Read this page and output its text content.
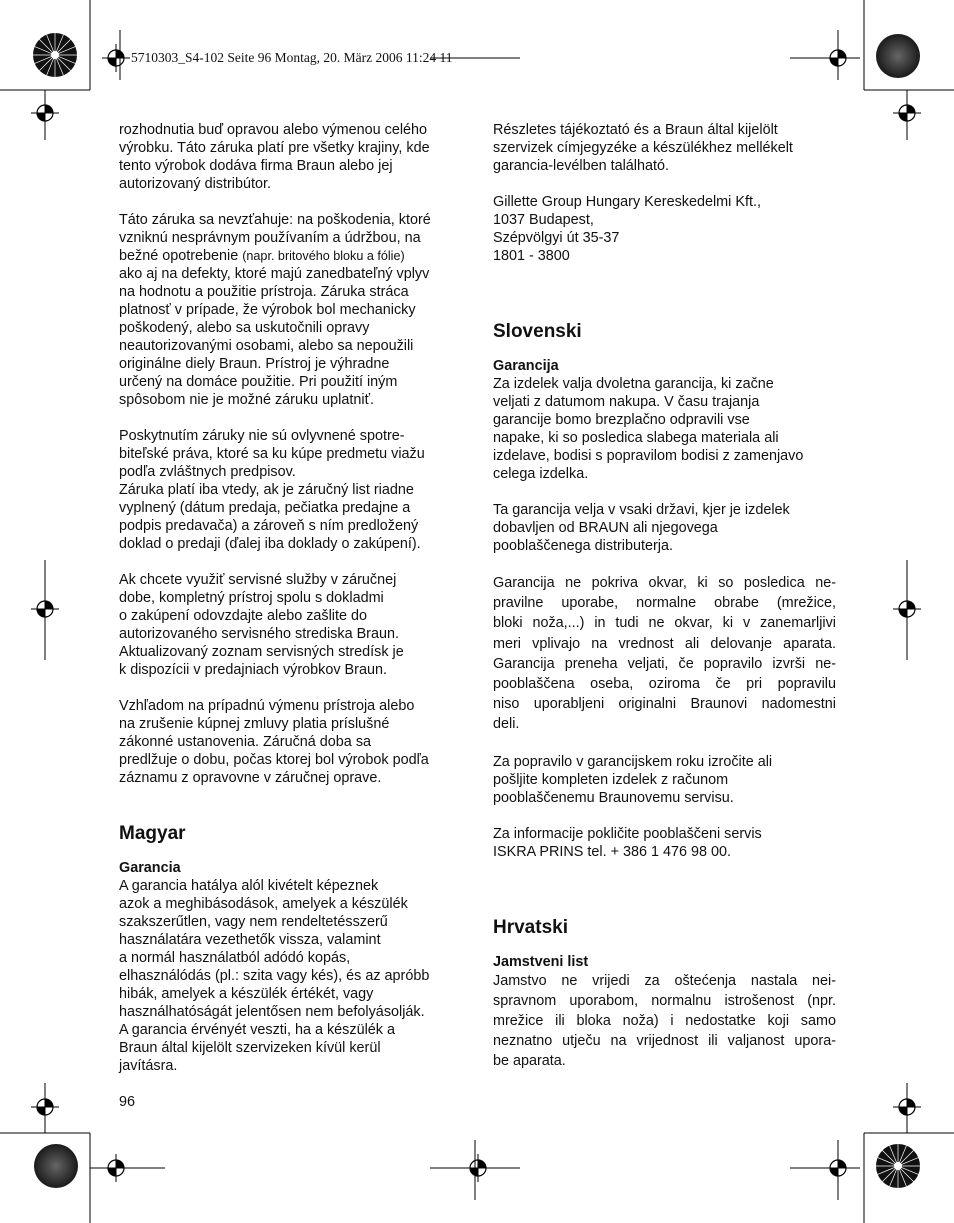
5710303_S4-102 Seite 96 Montag, 20. März 2006 11:24 11

rozhodnutia buď opravou alebo výmenou celého
výrobku. Táto záruka platí pre všetky krajiny, kde
tento výrobok dodáva firma Braun alebo jej
autorizovaný distribútor.

Táto záruka sa nevzťahuje: na poškodenia, ktoré
vzniknú nesprávnym používaním a údržbou, na
bežné opotrebenie (napr. britového bloku a fólie)
ako aj na defekty, ktoré majú zanedbateľný vplyv
na hodnotu a použitie prístroja. Záruka stráca
platnosť v prípade, že výrobok bol mechanicky
poškodený, alebo sa uskutočnili opravy
neautorizovanými osobami, alebo sa nepoužili
originálne diely Braun. Prístroj je výhradne
určený na domáce použitie. Pri použití iným
spôsobom nie je možné záruku uplatniť.

Poskytnutím záruky nie sú ovlyvnené spotre-
biteľské práva, ktoré sa ku kúpe predmetu viažu
podľa zvláštnych predpisov.

Záruka platí iba vtedy, ak je záručný list riadne
vyplnený (dátum predaja, pečiatka predajne a
podpis predavača) a zároveň s ním predložený
doklad o predaji (ďalej iba doklady o zakúpení).

Ak chcete využiť servisné služby v záručnej
dobe, kompletný prístroj spolu s dokladmi
o zakúpení odovzdajte alebo zašlite do
autorizovaného servisného strediska Braun.
Aktualizovaný zoznam servisných stredísk je
k dispozícii v predajniach výrobkov Braun.

Vzhľadom na prípadnú výmenu prístroja alebo
na zrušenie kúpnej zmluvy platia príslušné
zákonné ustanovenia. Záručná doba sa
predlžuje o dobu, počas ktorej bol výrobok podľa
záznamu z opravovne v záručnej oprave.

Magyar
Garancia

A garancia hatálya alól kivételt képeznek
azok a meghibásodások, amelyek a készülék
szakszerűtlen, vagy nem rendeltetésszerű
használatára vezethetők vissza, valamint
a normál használatból adódó kopás,
elhasználódás (pl.: szita vagy kés), és az apróbb
hibák, amelyek a készülék értékét, vagy
használhatóságát jelentősen nem befolyásolják.
A garancia érvényét veszti, ha a készülék a
Braun által kijelölt szervizeken kívül kerül
javításra.

96

Részletes tájékoztató és a Braun által kijelölt
szervizek címjegyzéke a készülékhez mellékelt
garancia-levélben található.

Gillette Group Hungary Kereskedelmi Kft.,
1037 Budapest,
Szépvölgyi út 35-37
1801 - 3800

Slovenski
Garancija

Za izdelek valja dvoletna garancija, ki začne
veljati z datumom nakupa. V času trajanja
garancije bomo brezplačno odpravili vse
napake, ki so posledica slabega materiala ali
izdelave, bodisi s popravilom bodisi z zamenjavo
celega izdelka.

Ta garancija velja v vsaki državi, kjer je izdelek
dobavljen od BRAUN ali njegovega
pooblaščenega distributerja.

Garancija ne pokriva okvar, ki so posledica ne-
pravilne uporabe, normalne obrabe (mrežice,
bloki noža,...) in tudi ne okvar, ki v zanemarljivi
meri vplivajo na vrednost ali delovanje aparata.
Garancija preneha veljati, če popravilo izvrši ne-
pooblaščena oseba, oziroma če pri popravilu
niso uporabljeni originalni Braunovi nadomestni
deli.

Za popravilo v garancijskem roku izročite ali
pošljite kompleten izdelek z računom
pooblaščenemu Braunovemu servisu.

Za informacije pokličite pooblaščeni servis
ISKRA PRINS tel. + 386 1 476 98 00.

Hrvatski
Jamstveni list

Jamstvo ne vrijedi za oštećenja nastala nei-
spravnom uporabom, normalnu istrošenost (npr.
mrežice ili bloka noža) i nedostatke koji samo
neznatno utječu na vrijednost ili valjanost upora-
be aparata.
